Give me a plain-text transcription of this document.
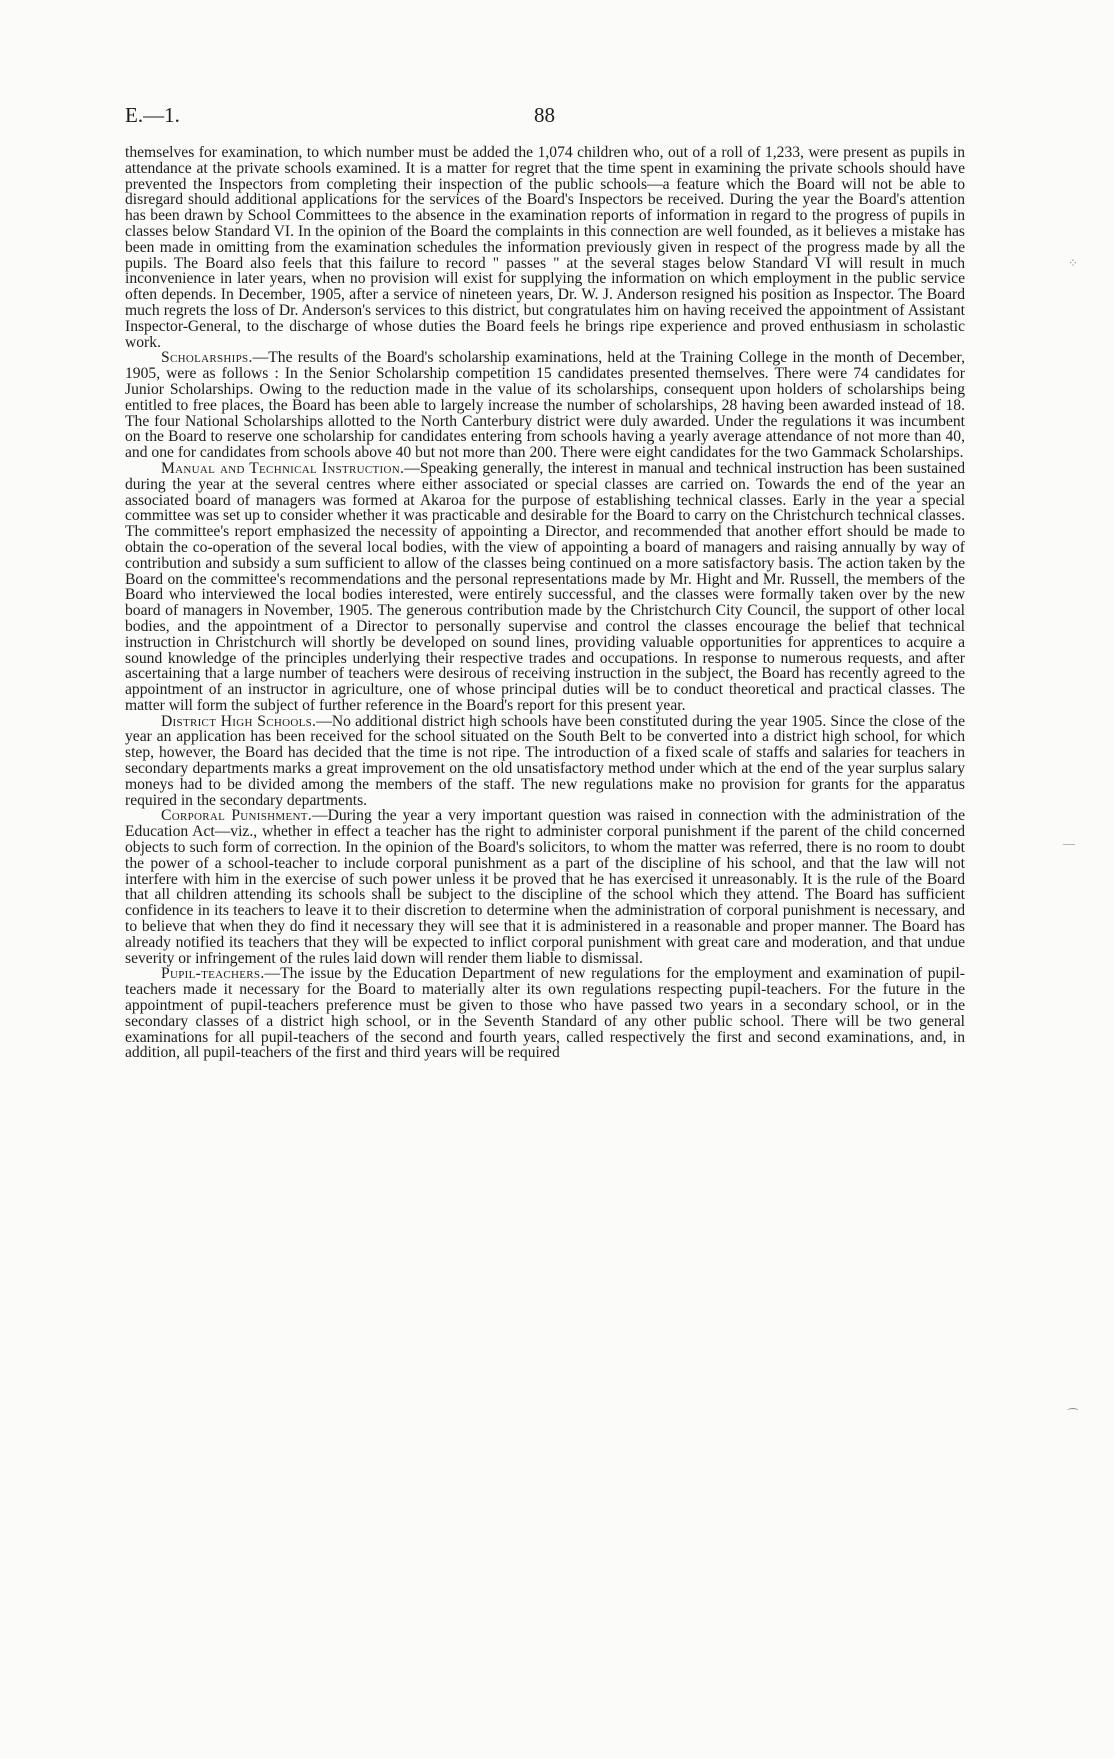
E.—1.	88

themselves for examination, to which number must be added the 1,074 children who, out of a roll of 1,233, were present as pupils in attendance at the private schools examined. It is a matter for regret that the time spent in examining the private schools should have prevented the Inspectors from completing their inspection of the public schools—a feature which the Board will not be able to disregard should additional applications for the services of the Board's Inspectors be received. During the year the Board's attention has been drawn by School Committees to the absence in the examination reports of information in regard to the progress of pupils in classes below Standard VI. In the opinion of the Board the complaints in this connection are well founded, as it believes a mistake has been made in omitting from the examination schedules the information previously given in respect of the progress made by all the pupils. The Board also feels that this failure to record " passes " at the several stages below Standard VI will result in much inconvenience in later years, when no provision will exist for supplying the information on which employment in the public service often depends. In December, 1905, after a service of nineteen years, Dr. W. J. Anderson resigned his position as Inspector. The Board much regrets the loss of Dr. Anderson's services to this district, but congratulates him on having received the appointment of Assistant Inspector-General, to the discharge of whose duties the Board feels he brings ripe experience and proved enthusiasm in scholastic work.

Scholarships.—The results of the Board's scholarship examinations, held at the Training College in the month of December, 1905, were as follows : In the Senior Scholarship competition 15 candidates presented themselves. There were 74 candidates for Junior Scholarships. Owing to the reduction made in the value of its scholarships, consequent upon holders of scholarships being entitled to free places, the Board has been able to largely increase the number of scholarships, 28 having been awarded instead of 18. The four National Scholarships allotted to the North Canterbury district were duly awarded. Under the regulations it was incumbent on the Board to reserve one scholarship for candidates entering from schools having a yearly average attendance of not more than 40, and one for candidates from schools above 40 but not more than 200. There were eight candidates for the two Gammack Scholarships.

Manual and Technical Instruction.—Speaking generally, the interest in manual and technical instruction has been sustained during the year at the several centres where either associated or special classes are carried on. Towards the end of the year an associated board of managers was formed at Akaroa for the purpose of establishing technical classes. Early in the year a special committee was set up to consider whether it was practicable and desirable for the Board to carry on the Christchurch technical classes. The committee's report emphasized the necessity of appointing a Director, and recommended that another effort should be made to obtain the co-operation of the several local bodies, with the view of appointing a board of managers and raising annually by way of contribution and subsidy a sum sufficient to allow of the classes being continued on a more satisfactory basis. The action taken by the Board on the committee's recommendations and the personal representations made by Mr. Hight and Mr. Russell, the members of the Board who interviewed the local bodies interested, were entirely successful, and the classes were formally taken over by the new board of managers in November, 1905. The generous contribution made by the Christchurch City Council, the support of other local bodies, and the appointment of a Director to personally supervise and control the classes encourage the belief that technical instruction in Christchurch will shortly be developed on sound lines, providing valuable opportunities for apprentices to acquire a sound knowledge of the principles underlying their respective trades and occupations. In response to numerous requests, and after ascertaining that a large number of teachers were desirous of receiving instruction in the subject, the Board has recently agreed to the appointment of an instructor in agriculture, one of whose principal duties will be to conduct theoretical and practical classes. The matter will form the subject of further reference in the Board's report for this present year.

District High Schools.—No additional district high schools have been constituted during the year 1905. Since the close of the year an application has been received for the school situated on the South Belt to be converted into a district high school, for which step, however, the Board has decided that the time is not ripe. The introduction of a fixed scale of staffs and salaries for teachers in secondary departments marks a great improvement on the old unsatisfactory method under which at the end of the year surplus salary moneys had to be divided among the members of the staff. The new regulations make no provision for grants for the apparatus required in the secondary departments.

Corporal Punishment.—During the year a very important question was raised in connection with the administration of the Education Act—viz., whether in effect a teacher has the right to administer corporal punishment if the parent of the child concerned objects to such form of correction. In the opinion of the Board's solicitors, to whom the matter was referred, there is no room to doubt the power of a school-teacher to include corporal punishment as a part of the discipline of his school, and that the law will not interfere with him in the exercise of such power unless it be proved that he has exercised it unreasonably. It is the rule of the Board that all children attending its schools shall be subject to the discipline of the school which they attend. The Board has sufficient confidence in its teachers to leave it to their discretion to determine when the administration of corporal punishment is necessary, and to believe that when they do find it necessary they will see that it is administered in a reasonable and proper manner. The Board has already notified its teachers that they will be expected to inflict corporal punishment with great care and moderation, and that undue severity or infringement of the rules laid down will render them liable to dismissal.

Pupil-teachers.—The issue by the Education Department of new regulations for the employment and examination of pupil-teachers made it necessary for the Board to materially alter its own regulations respecting pupil-teachers. For the future in the appointment of pupil-teachers preference must be given to those who have passed two years in a secondary school, or in the secondary classes of a district high school, or in the Seventh Standard of any other public school. There will be two general examinations for all pupil-teachers of the second and fourth years, called respectively the first and second examinations, and, in addition, all pupil-teachers of the first and third years will be required

⁘
—
⁀
